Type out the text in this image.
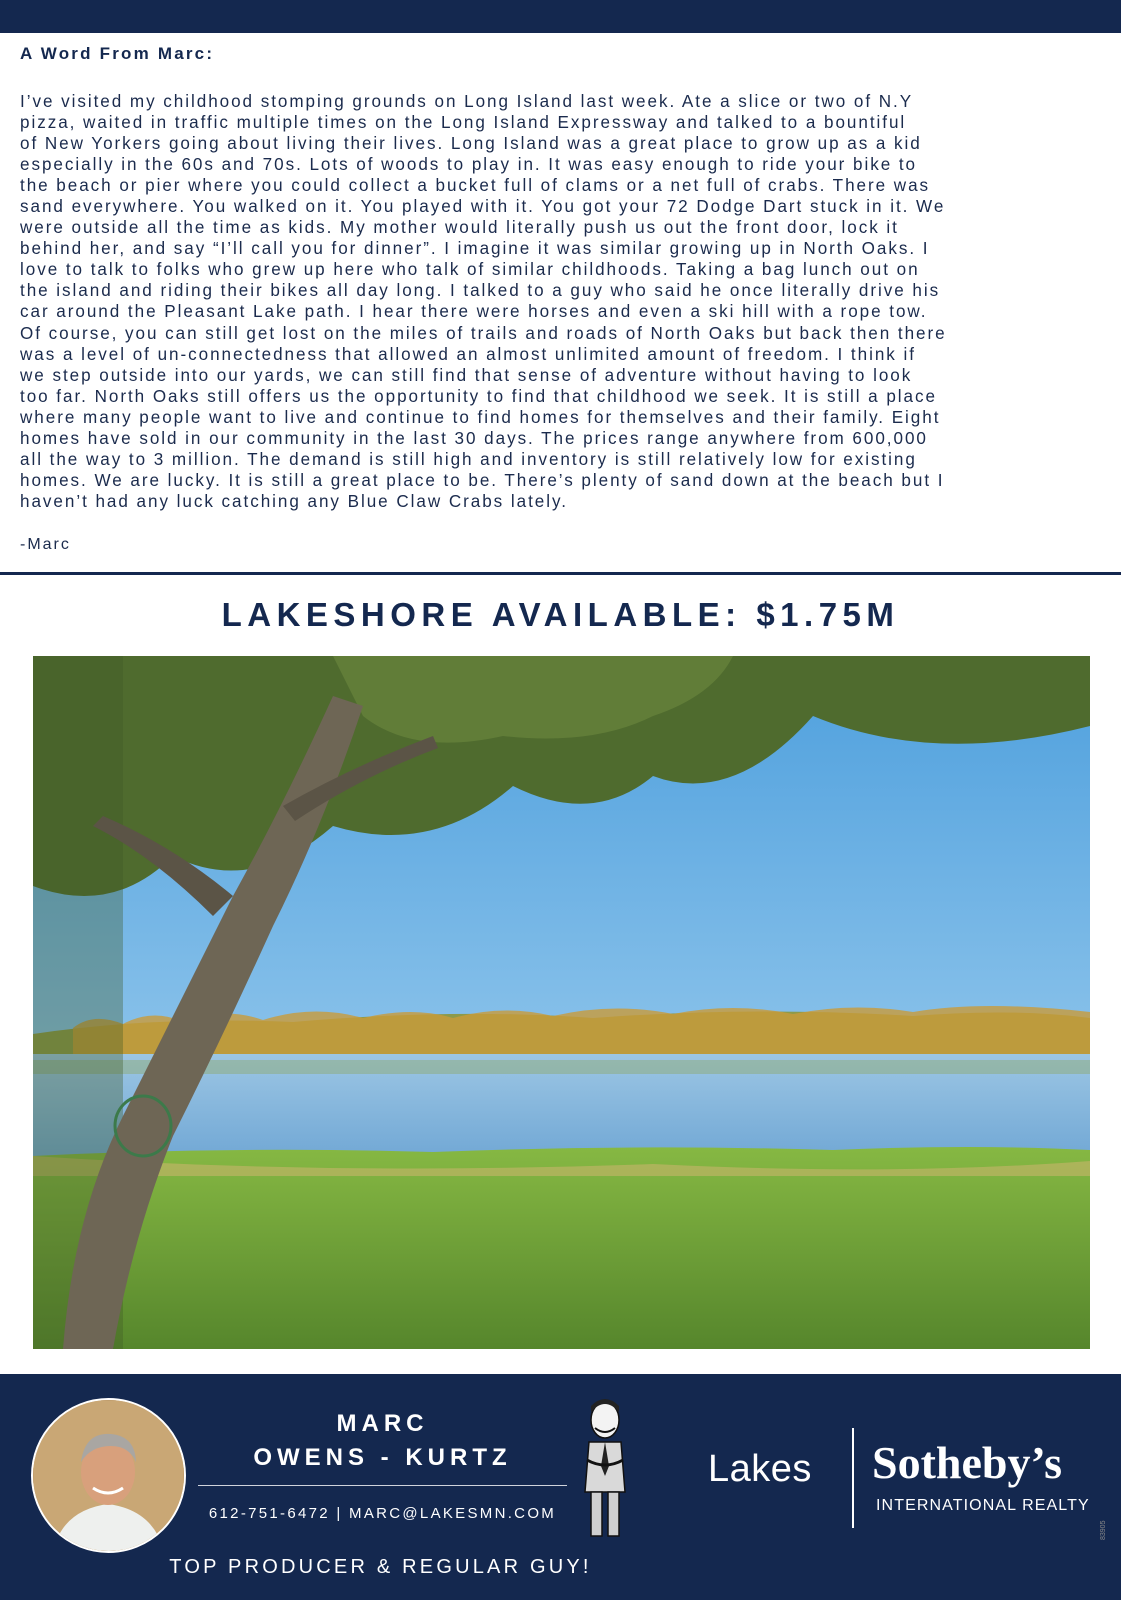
A Word From Marc:
I’ve visited my childhood stomping grounds on Long Island last week. Ate a slice or two of N.Y
pizza, waited in traffic multiple times on the Long Island Expressway and talked to a bountiful
of New Yorkers going about living their lives. Long Island was a great place to grow up as a kid
especially in the 60s and 70s. Lots of woods to play in. It was easy enough to ride your bike to
the beach or pier where you could collect a bucket full of clams or a net full of crabs. There was
sand everywhere. You walked on it. You played with it. You got your 72 Dodge Dart stuck in it. We
were outside all the time as kids. My mother would literally push us out the front door, lock it
behind her, and say “I’ll call you for dinner”. I imagine it was similar growing up in North Oaks. I
love to talk to folks who grew up here who talk of similar childhoods. Taking a bag lunch out on
the island and riding their bikes all day long. I talked to a guy who said he once literally drive his
car around the Pleasant Lake path. I hear there were horses and even a ski hill with a rope tow.
Of course, you can still get lost on the miles of trails and roads of North Oaks but back then there
was a level of un-connectedness that allowed an almost unlimited amount of freedom. I think if
we step outside into our yards, we can still find that sense of adventure without having to look
too far. North Oaks still offers us the opportunity to find that childhood we seek. It is still a place
where many people want to live and continue to find homes for themselves and their family. Eight
homes have sold in our community in the last 30 days. The prices range anywhere from 600,000
all the way to 3 million. The demand is still high and inventory is still relatively low for existing
homes. We are lucky. It is still a great place to be. There’s plenty of sand down at the beach but I
haven’t had any luck catching any Blue Claw Crabs lately.
-Marc
LAKESHORE AVAILABLE: $1.75M
MARC
OWENS - KURTZ
612-751-6472 | MARC@LAKESMN.COM
TOP PRODUCER & REGULAR GUY!
Lakes Sotheby’s
INTERNATIONAL REALTY
83905
